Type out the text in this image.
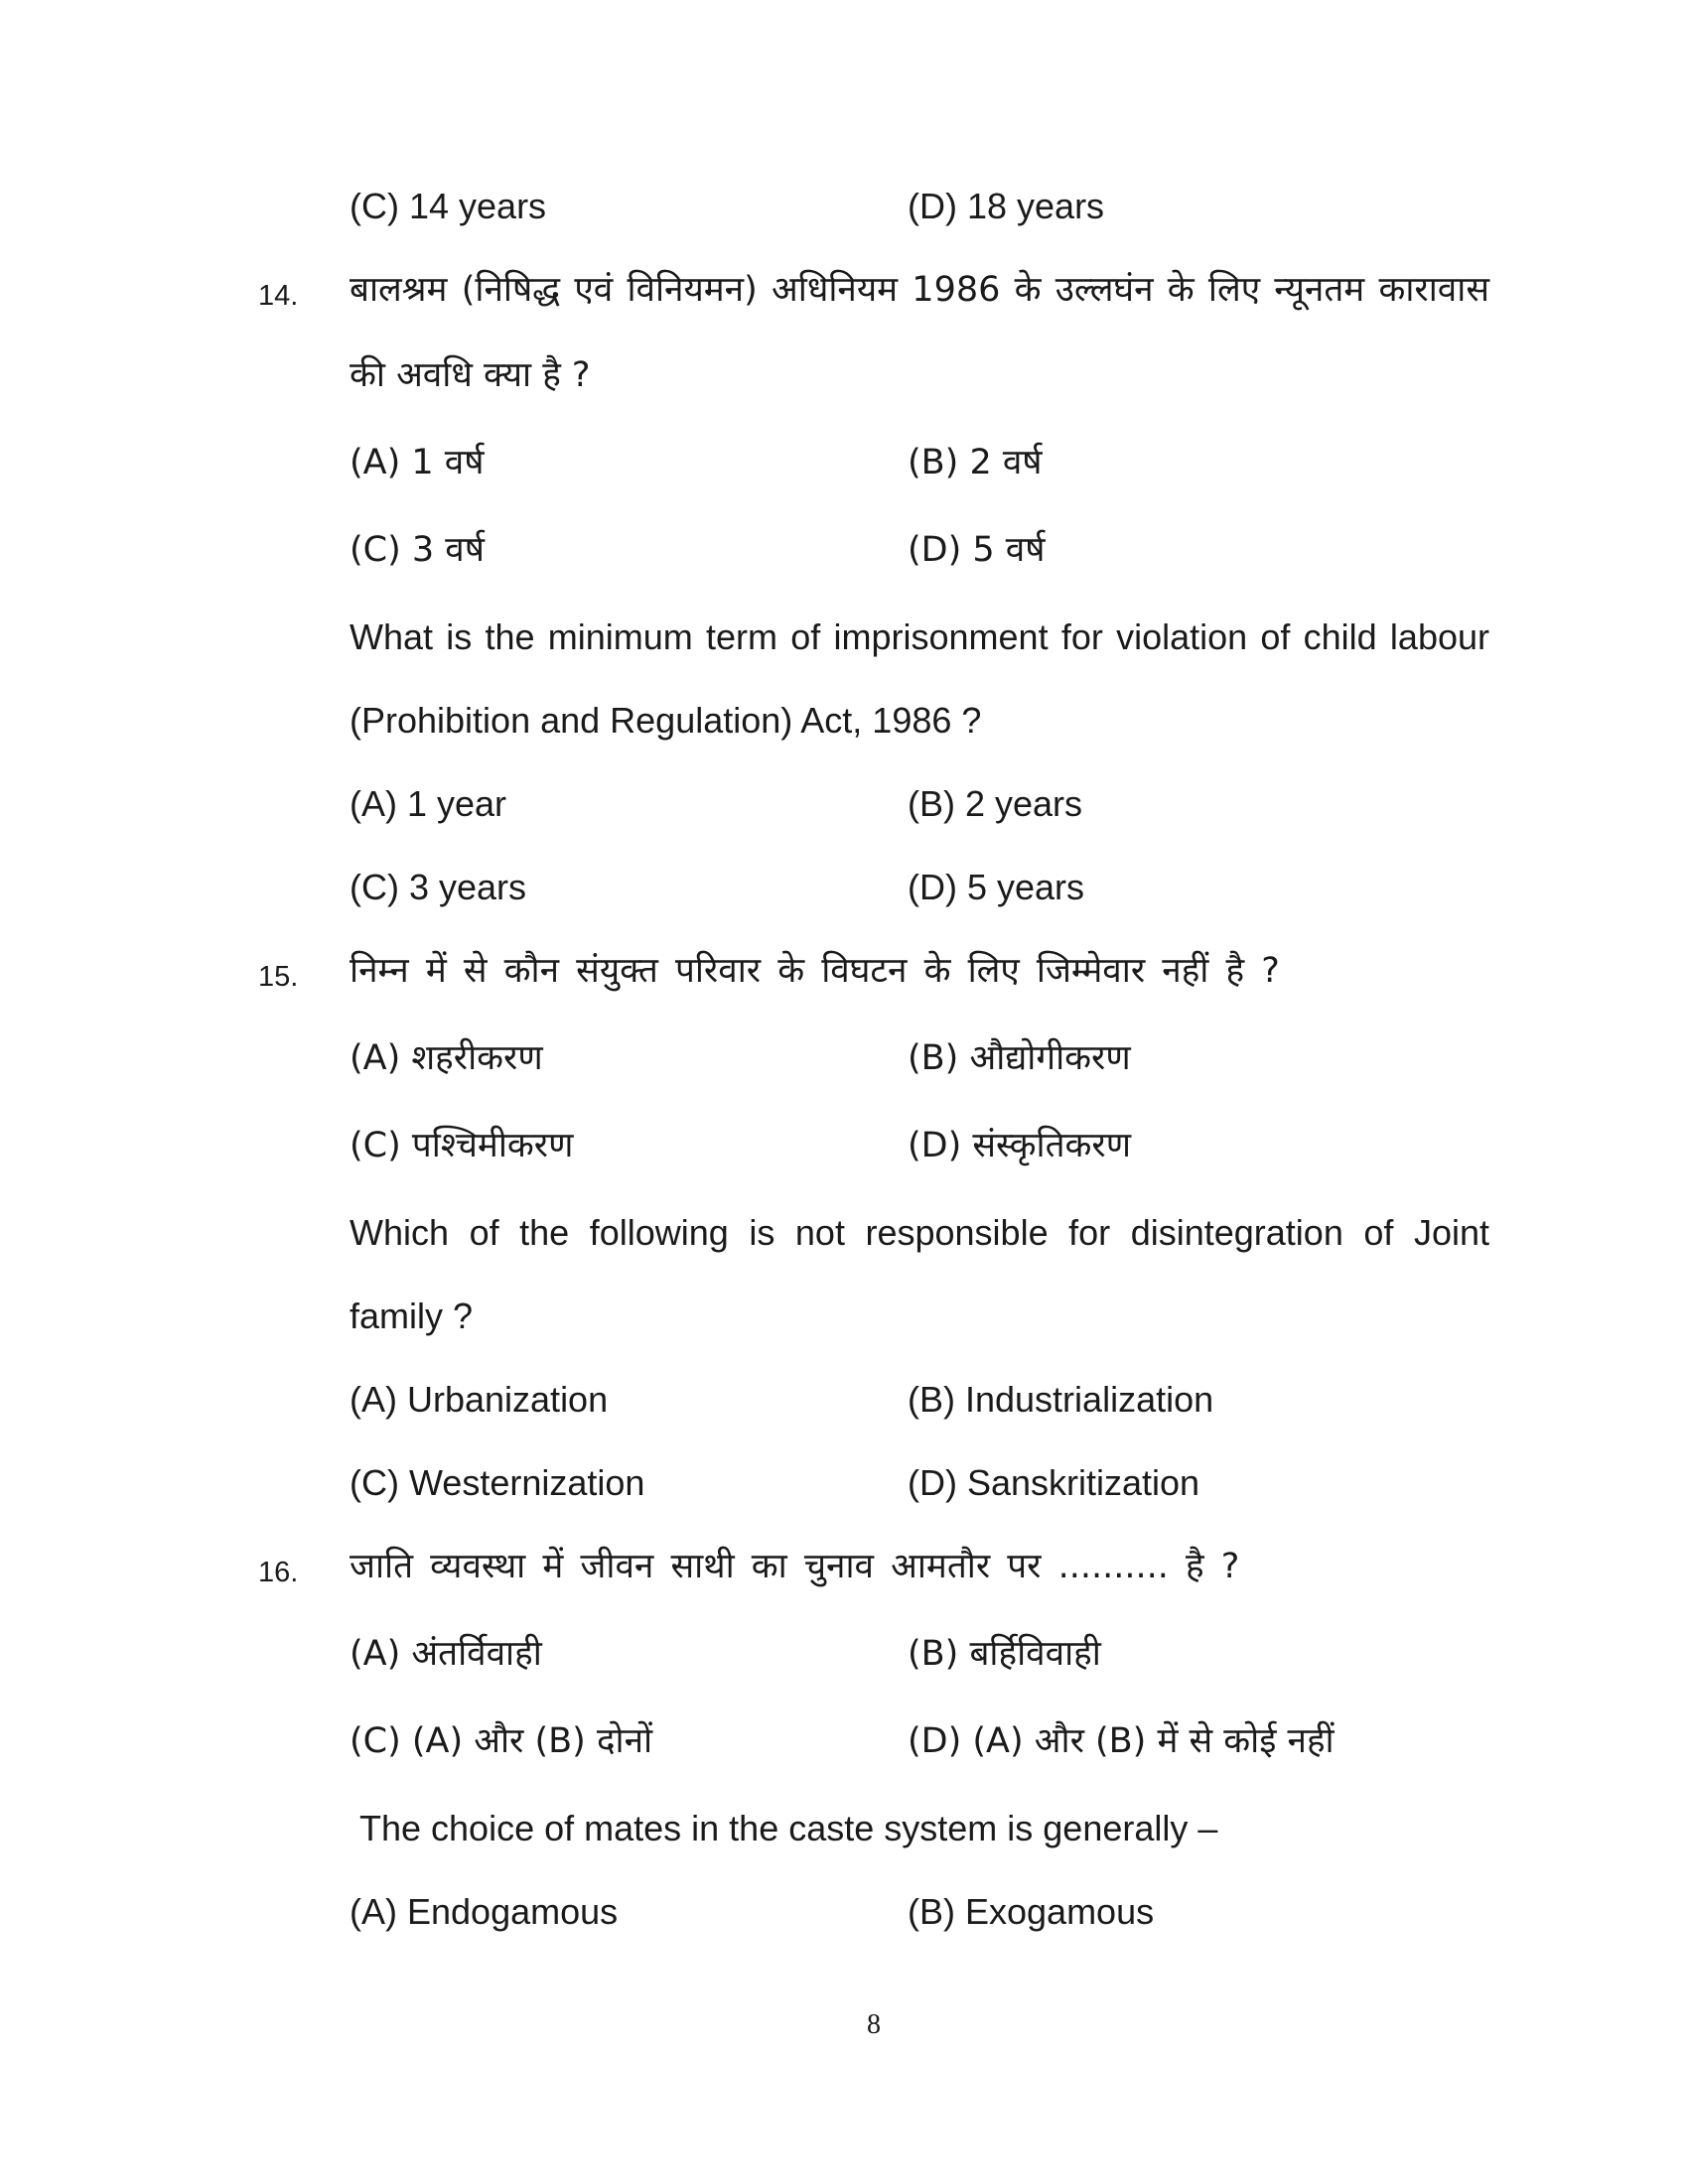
(C) 14 years	(D) 18 years
14. बालश्रम (निषिद्ध एवं विनियमन) अधिनियम 1986 के उल्लघंन के लिए न्यूनतम कारावास
की अवधि क्या है ?
(A) 1 वर्ष	(B) 2 वर्ष
(C) 3 वर्ष	(D) 5 वर्ष
What is the minimum term of imprisonment for violation of child labour
(Prohibition and Regulation) Act, 1986 ?
(A) 1 year	(B) 2 years
(C) 3 years	(D) 5 years
15. निम्न में से कौन संयुक्त परिवार के विघटन के लिए जिम्मेवार नहीं है ?
(A) शहरीकरण	(B) औद्योगीकरण
(C) पश्चिमीकरण	(D) संस्कृतिकरण
Which of the following is not responsible for disintegration of Joint
family ?
(A) Urbanization	(B) Industrialization
(C) Westernization	(D) Sanskritization
16. जाति व्यवस्था में जीवन साथी का चुनाव आमतौर पर .......... है ?
(A) अंतर्विवाही	(B) बर्हिविवाही
(C) (A) और (B) दोनों	(D) (A) और (B) में से कोई नहीं
The choice of mates in the caste system is generally –
(A) Endogamous	(B) Exogamous
8
